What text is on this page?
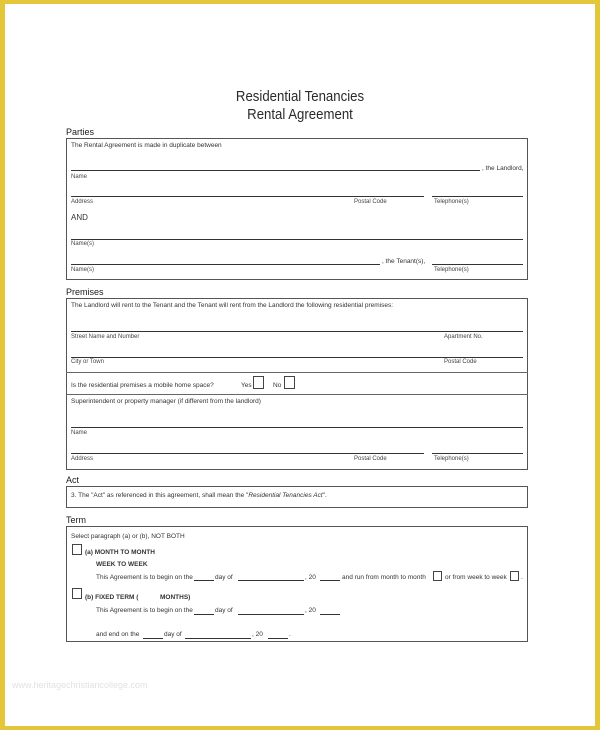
Residential Tenancies
Rental Agreement
Parties
The Rental Agreement is made in duplicate between
, the Landlord,
Name
Address	Postal Code	Telephone(s)
AND
Name(s)
, the Tenant(s),
Name(s)	Telephone(s)
Premises
The Landlord will rent to the Tenant and the Tenant will rent from the Landlord the following residential premises:
Street Name and Number	Apartment No.
City or Town	Postal Code
Is the residential premises a mobile home space?	Yes	No
Superintendent or property manager (if different from the landlord)
Name
Address	Postal Code	Telephone(s)
Act
3. The "Act" as referenced in this agreement, shall mean the "Residential Tenancies Act".
Term
Select paragraph (a) or (b), NOT BOTH
(a) MONTH TO MONTH
WEEK TO WEEK
This Agreement is to begin on the	day of	, 20	and run from month to month	or from week to week .
(b) FIXED TERM (	MONTHS)
This Agreement is to begin on the	day of	, 20
and end on the	day of	, 20	.
www.heritagechristiancollege.com
